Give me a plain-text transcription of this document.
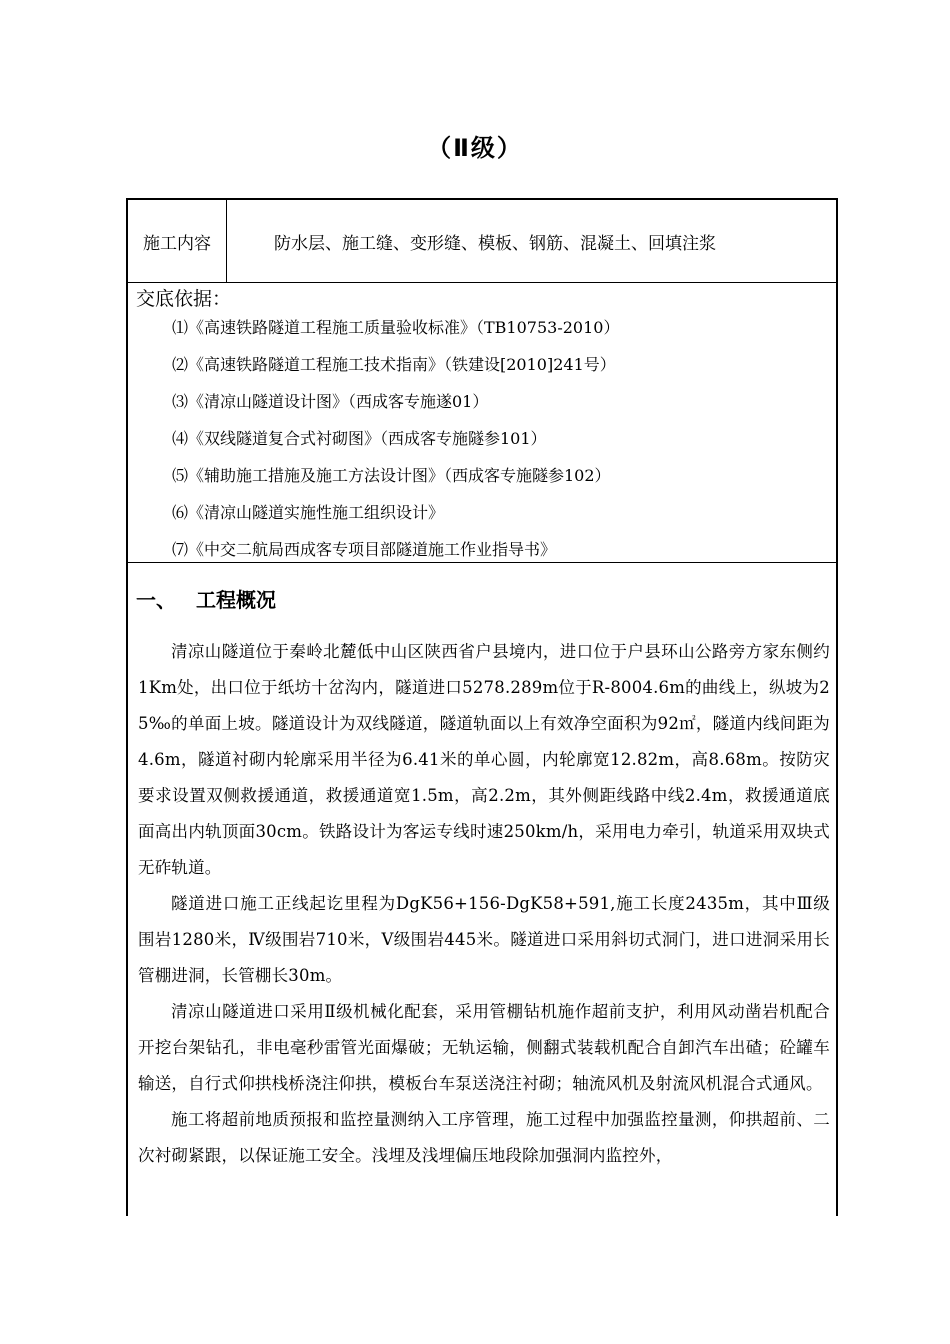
（Ⅱ级）
施工内容	防水层、施工缝、变形缝、模板、钢筋、混凝土、回填注浆
交底依据：
⑴《高速铁路隧道工程施工质量验收标准》（TB10753-2010）
⑵《高速铁路隧道工程施工技术指南》（铁建设[2010]241号）
⑶《清凉山隧道设计图》（西成客专施遂01）
⑷《双线隧道复合式衬砌图》（西成客专施隧参101）
⑸《辅助施工措施及施工方法设计图》（西成客专施隧参102）
⑹《清凉山隧道实施性施工组织设计》
⑺《中交二航局西成客专项目部隧道施工作业指导书》
一、 工程概况

清凉山隧道位于秦岭北麓低中山区陕西省户县境内，进口位于户县环山公路旁方家东侧约1Km处，出口位于纸坊十岔沟内，隧道进口5278.289m位于R-8004.6m的曲线上，纵坡为25‰的单面上坡。隧道设计为双线隧道，隧道轨面以上有效净空面积为92㎡，隧道内线间距为4.6m，隧道衬砌内轮廓采用半径为6.41米的单心圆，内轮廓宽12.82m，高8.68m。按防灾要求设置双侧救援通道，救援通道宽1.5m，高2.2m，其外侧距线路中线2.4m，救援通道底面高出内轨顶面30cm。铁路设计为客运专线时速250km/h，采用电力牵引，轨道采用双块式无砟轨道。

隧道进口施工正线起讫里程为DgK56+156-DgK58+591,施工长度2435m，其中Ⅲ级围岩1280米，Ⅳ级围岩710米，Ⅴ级围岩445米。隧道进口采用斜切式洞门，进口进洞采用长管棚进洞，长管棚长30m。

清凉山隧道进口采用Ⅱ级机械化配套，采用管棚钻机施作超前支护，利用风动凿岩机配合开挖台架钻孔，非电毫秒雷管光面爆破；无轨运输，侧翻式装载机配合自卸汽车出碴；砼罐车输送，自行式仰拱栈桥浇注仰拱，模板台车泵送浇注衬砌；轴流风机及射流风机混合式通风。

施工将超前地质预报和监控量测纳入工序管理，施工过程中加强监控量测，仰拱超前、二次衬砌紧跟，以保证施工安全。浅埋及浅埋偏压地段除加强洞内监控外，
